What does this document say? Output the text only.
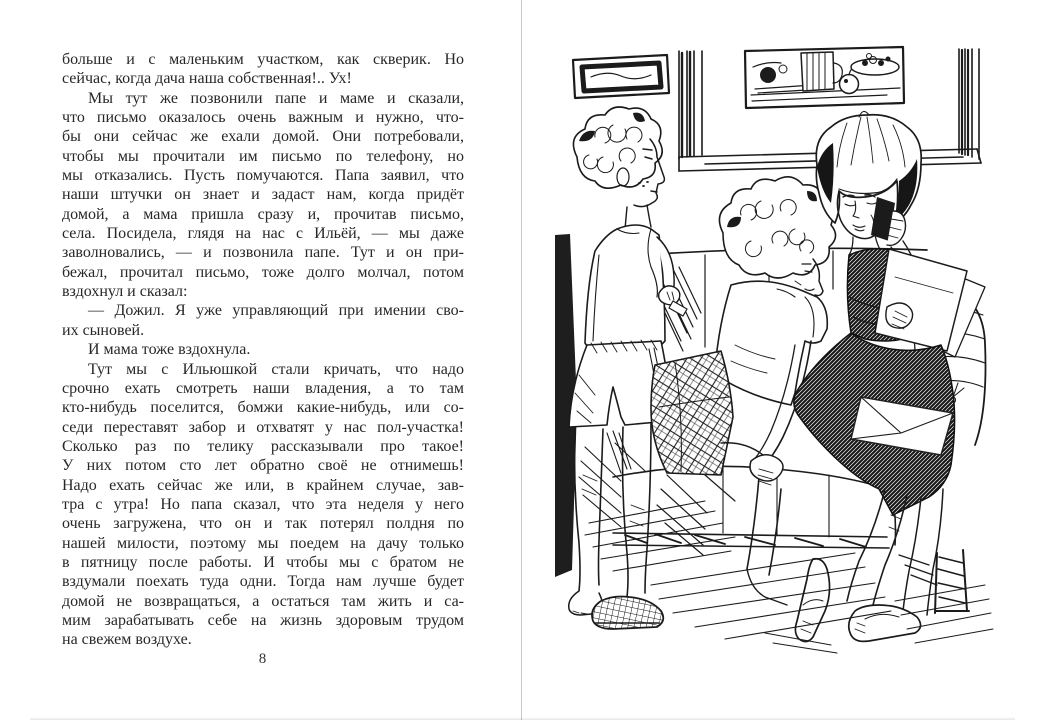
больше и с маленьким участком, как скверик. Но
сейчас, когда дача наша собственная!.. Ух!
Мы тут же позвонили папе и маме и сказали,
что письмо оказалось очень важным и нужно, что-
бы они сейчас же ехали домой. Они потребовали,
чтобы мы прочитали им письмо по телефону, но
мы отказались. Пусть помучаются. Папа заявил, что
наши штучки он знает и задаст нам, когда придёт
домой, а мама пришла сразу и, прочитав письмо,
села. Посидела, глядя на нас с Ильёй, — мы даже
заволновались, — и позвонила папе. Тут и он при-
бежал, прочитал письмо, тоже долго молчал, потом
вздохнул и сказал:
— Дожил. Я уже управляющий при имении сво-
их сыновей.
И мама тоже вздохнула.
Тут мы с Ильюшкой стали кричать, что надо
срочно ехать смотреть наши владения, а то там
кто-нибудь поселится, бомжи какие-нибудь, или со-
седи переставят забор и отхватят у нас пол-участка!
Сколько раз по телику рассказывали про такое!
У них потом сто лет обратно своё не отнимешь!
Надо ехать сейчас же или, в крайнем случае, зав-
тра с утра! Но папа сказал, что эта неделя у него
очень загружена, что он и так потерял полдня по
нашей милости, поэтому мы поедем на дачу только
в пятницу после работы. И чтобы мы с братом не
вздумали поехать туда одни. Тогда нам лучше будет
домой не возвращаться, а остаться там жить и са-
мим зарабатывать себе на жизнь здоровым трудом
на свежем воздухе.
8
